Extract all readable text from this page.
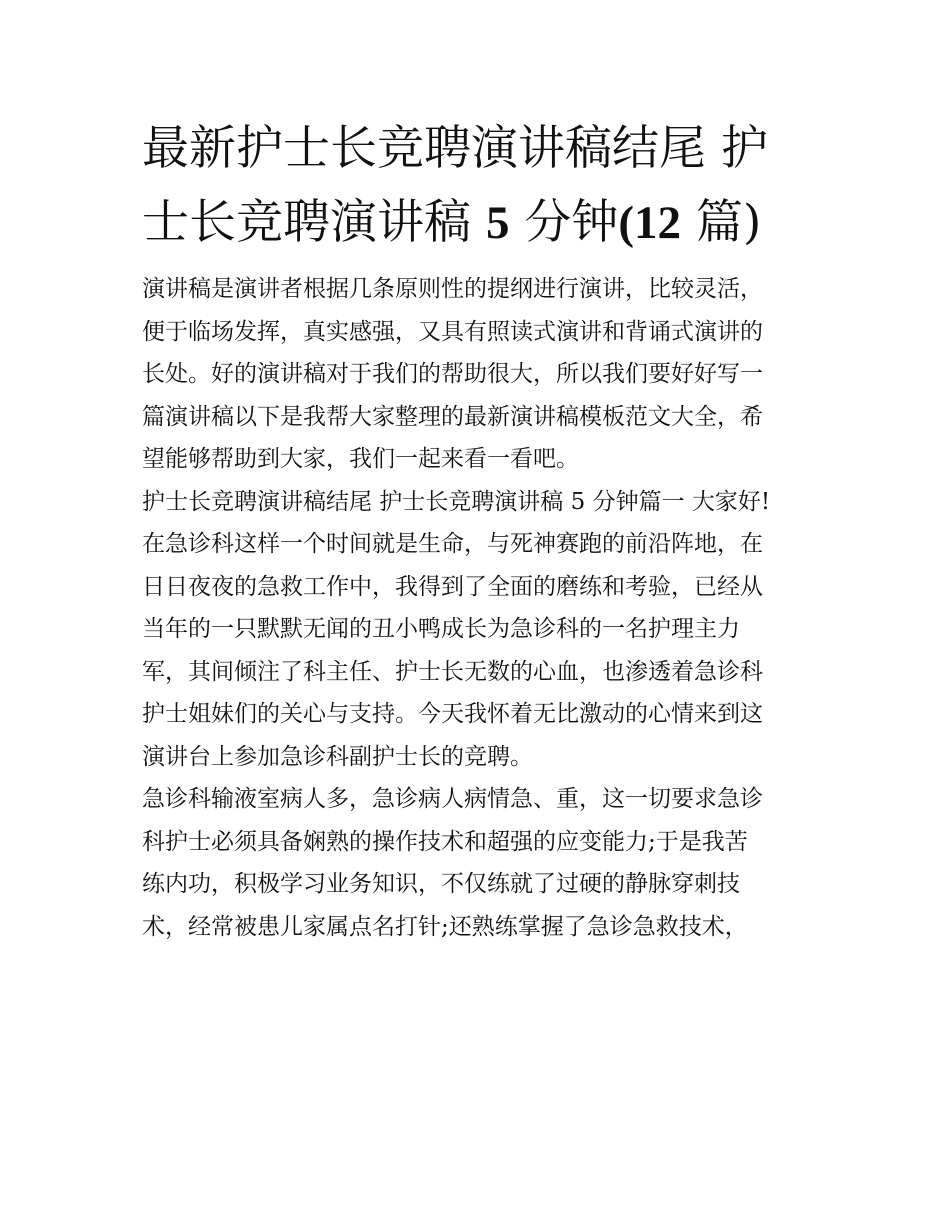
最新护士长竞聘演讲稿结尾 护
士长竞聘演讲稿 5 分钟(12 篇)
演讲稿是演讲者根据几条原则性的提纲进行演讲，比较灵活，
便于临场发挥，真实感强，又具有照读式演讲和背诵式演讲的
长处。好的演讲稿对于我们的帮助很大，所以我们要好好写一
篇演讲稿以下是我帮大家整理的最新演讲稿模板范文大全，希
望能够帮助到大家，我们一起来看一看吧。
护士长竞聘演讲稿结尾 护士长竞聘演讲稿 5 分钟篇一 大家好!
在急诊科这样一个时间就是生命，与死神赛跑的前沿阵地，在
日日夜夜的急救工作中，我得到了全面的磨练和考验，已经从
当年的一只默默无闻的丑小鸭成长为急诊科的一名护理主力
军，其间倾注了科主任、护士长无数的心血，也渗透着急诊科
护士姐妹们的关心与支持。今天我怀着无比激动的心情来到这
演讲台上参加急诊科副护士长的竞聘。
急诊科输液室病人多，急诊病人病情急、重，这一切要求急诊
科护士必须具备娴熟的操作技术和超强的应变能力;于是我苦
练内功，积极学习业务知识，不仅练就了过硬的静脉穿刺技
术，经常被患儿家属点名打针;还熟练掌握了急诊急救技术，
